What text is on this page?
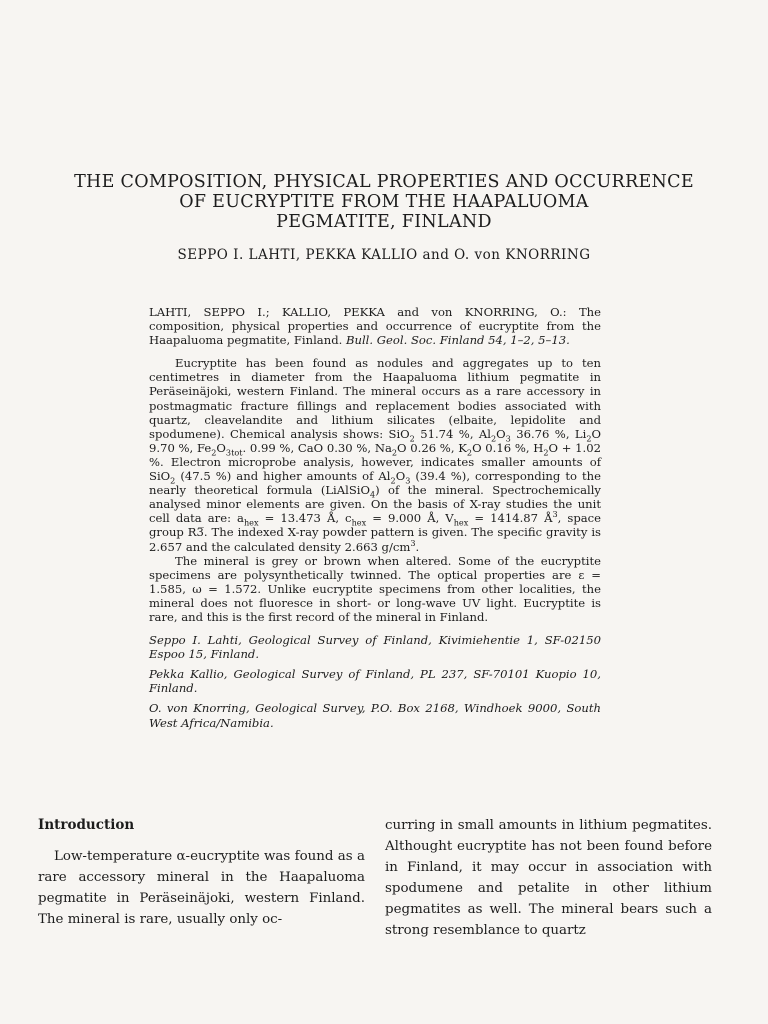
THE COMPOSITION, PHYSICAL PROPERTIES AND OCCURRENCE
OF EUCRYPTITE FROM THE HAAPALUOMA
PEGMATITE, FINLAND

SEPPO I. LAHTI, PEKKA KALLIO and O. von KNORRING

LAHTI, SEPPO I.; KALLIO, PEKKA and von KNORRING, O.: The composition, physical properties and occurrence of eucryptite from the Haapaluoma pegmatite, Finland. Bull. Geol. Soc. Finland 54, 1–2, 5–13.

Eucryptite has been found as nodules and aggregates up to ten centimetres in diameter from the Haapaluoma lithium pegmatite in Peräseinäjoki, western Finland. The mineral occurs as a rare accessory in postmagmatic fracture fillings and replacement bodies associated with quartz, cleavelandite and lithium silicates (elbaite, lepidolite and spodumene). Chemical analysis shows: SiO$_2$ 51.74 %, $Al_2O_3$ 36.76 %, $Li_2O$ 9.70 %, $Fe_2O_{3tot}$. 0.99 %, CaO 0.30 %, $Na_2O$ 0.26 %, $K_2O$ 0.16 %, $H_2O + 1.02$ %. Electron microprobe analysis, however, indicates smaller amounts of SiO$_2$ (47.5 %) and higher amounts of $Al_2O_3$ (39.4 %), corresponding to the nearly theoretical formula (LiAlSiO$_4$) of the mineral. Spectrochemically analysed minor elements are given. On the basis of X-ray studies the unit cell data are: $a_{hex} = 13.473$ Å, $c_{hex} = 9.000$ Å, $V_{hex} = 1414.87$ $Å^3$, space group R3̅. The indexed X-ray powder pattern is given. The specific gravity is 2.657 and the calculated density 2.663 $g/cm^3$.

The mineral is grey or brown when altered. Some of the eucryptite specimens are polysynthetically twinned. The optical properties are ε = 1.585, ω = 1.572. Unlike eucryptite specimens from other localities, the mineral does not fluoresce in short- or long-wave UV light. Eucryptite is rare, and this is the first record of the mineral in Finland.

Seppo I. Lahti, Geological Survey of Finland, Kivimiehentie 1, SF-02150 Espoo 15, Finland.

Pekka Kallio, Geological Survey of Finland, PL 237, SF-70101 Kuopio 10, Finland.

O. von Knorring, Geological Survey, P.O. Box 2168, Windhoek 9000, South West Africa/Namibia.

Introduction

Low-temperature α-eucryptite was found as a rare accessory mineral in the Haapaluoma pegmatite in Peräseinäjoki, western Finland. The mineral is rare, usually only oc-

curring in small amounts in lithium pegmatites. Althought eucryptite has not been found before in Finland, it may occur in association with spodumene and petalite in other lithium pegmatites as well. The mineral bears such a strong resemblance to quartz
